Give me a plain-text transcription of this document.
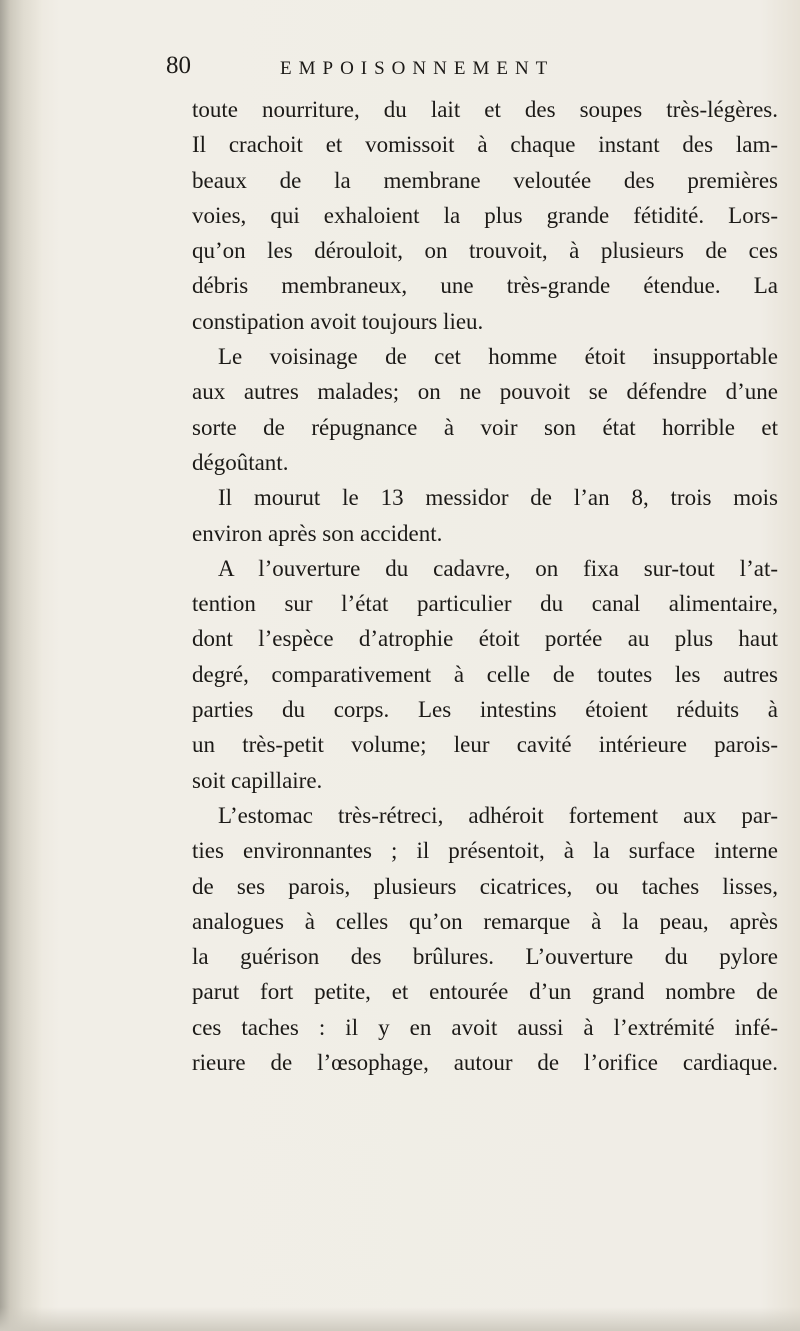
80	EMPOISONNEMENT
toute nourriture, du lait et des soupes très-légères.
Il crachoit et vomissoit à chaque instant des lam-
beaux de la membrane veloutée des premières
voies, qui exhaloient la plus grande fétidité. Lors-
qu’on les dérouloit, on trouvoit, à plusieurs de ces
débris membraneux, une très-grande étendue. La
constipation avoit toujours lieu.
Le voisinage de cet homme étoit insupportable
aux autres malades; on ne pouvoit se défendre d’une
sorte de répugnance à voir son état horrible et
dégoûtant.
Il mourut le 13 messidor de l’an 8, trois mois
environ après son accident.
A l’ouverture du cadavre, on fixa sur-tout l’at-
tention sur l’état particulier du canal alimentaire,
dont l’espèce d’atrophie étoit portée au plus haut
degré, comparativement à celle de toutes les autres
parties du corps. Les intestins étoient réduits à
un très-petit volume; leur cavité intérieure parois-
soit capillaire.
L’estomac très-rétreci, adhéroit fortement aux par-
ties environnantes ; il présentoit, à la surface interne
de ses parois, plusieurs cicatrices, ou taches lisses,
analogues à celles qu’on remarque à la peau, après
la guérison des brûlures. L’ouverture du pylore
parut fort petite, et entourée d’un grand nombre de
ces taches : il y en avoit aussi à l’extrémité infé-
rieure de l’œsophage, autour de l’orifice cardiaque.
